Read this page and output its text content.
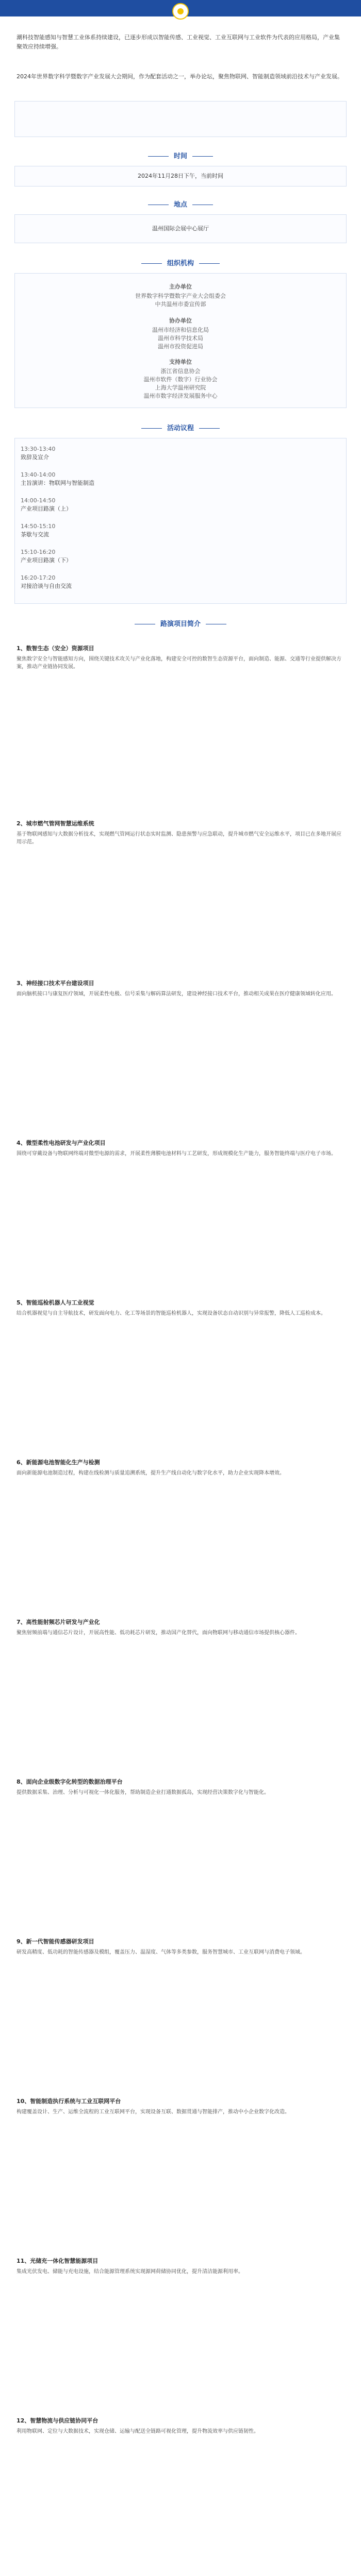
潮科技智能感知与智慧工业体系持续建设，已逐步形成以智能传感、工业视觉、工业互联网与工业软件为代表的应用格局，产业集聚效应持续增强。
2024年世界数字科学暨数字产业发展大会期间，作为配套活动之一，举办论坛，聚焦物联网、智能制造领域前沿技术与产业发展。
时间
2024年11月28日下午，当前时间
地点
温州国际会展中心展厅
组织机构
主办单位
世界数字科学暨数字产业大会组委会
中共温州市委宣传部
协办单位
温州市经济和信息化局
温州市科学技术局
温州市投资促进局
支持单位
浙江省信息协会
温州市软件（数字）行业协会
上海大学温州研究院
温州市数字经济发展服务中心
活动议程
13:30-13:40
致辞及宣介
13:40-14:00
主旨演讲：物联网与智能制造
14:00-14:50
产业项目路演（上）
14:50-15:10
茶歇与交流
15:10-16:20
产业项目路演（下）
16:20-17:20
对接洽谈与自由交流
路演项目简介
1、数智生态（安全）资源项目
聚焦数字安全与智能感知方向，围绕关键技术攻关与产业化落地，构建安全可控的数智生态资源平台，面向制造、能源、交通等行业提供解决方案，推动产业链协同发展。
2、城市燃气管网智慧运维系统
基于物联网感知与大数据分析技术，实现燃气管网运行状态实时监测、隐患预警与应急联动，提升城市燃气安全运维水平，项目已在多地开展应用示范。
3、神经接口技术平台建设项目
面向脑机接口与康复医疗领域，开展柔性电极、信号采集与解码算法研发，建设神经接口技术平台，推动相关成果在医疗健康领域转化应用。
4、微型柔性电池研发与产业化项目
围绕可穿戴设备与物联网终端对微型电源的需求，开展柔性薄膜电池材料与工艺研发，形成规模化生产能力，服务智能终端与医疗电子市场。
5、智能巡检机器人与工业视觉
结合机器视觉与自主导航技术，研发面向电力、化工等场景的智能巡检机器人，实现设备状态自动识别与异常报警，降低人工巡检成本。
6、新能源电池智能化生产与检测
面向新能源电池制造过程，构建在线检测与质量追溯系统，提升生产线自动化与数字化水平，助力企业实现降本增效。
7、高性能射频芯片研发与产业化
聚焦射频前端与通信芯片设计，开展高性能、低功耗芯片研发，推动国产化替代，面向物联网与移动通信市场提供核心器件。
8、面向企业级数字化转型的数据治理平台
提供数据采集、治理、分析与可视化一体化服务，帮助制造企业打通数据孤岛，实现经营决策数字化与智能化。
9、新一代智能传感器研发项目
研发高精度、低功耗的智能传感器及模组，覆盖压力、温湿度、气体等多类参数，服务智慧城市、工业互联网与消费电子领域。
10、智能制造执行系统与工业互联网平台
构建覆盖设计、生产、运维全流程的工业互联网平台，实现设备互联、数据贯通与智能排产，推动中小企业数字化改造。
11、光储充一体化智慧能源项目
集成光伏发电、储能与充电设施，结合能源管理系统实现源网荷储协同优化，提升清洁能源利用率。
12、智慧物流与供应链协同平台
利用物联网、定位与大数据技术，实现仓储、运输与配送全链路可视化管理，提升物流效率与供应链韧性。
